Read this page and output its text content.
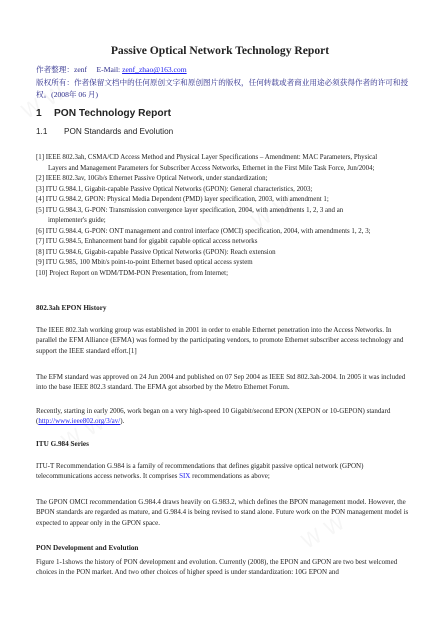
Passive Optical Network Technology Report
作者整理：zenf E-Mail: zenf_zhao@163.com
版权所有：作者保留文档中的任何原创文字和原创图片的版权，任何转载或者商业用途必须获得作者的许可和授
权。(2008年 06 月)
1 PON Technology Report
1.1 PON Standards and Evolution
[1] IEEE 802.3ah, CSMA/CD Access Method and Physical Layer Specifications – Amendment: MAC Parameters, Physical
Layers and Management Parameters for Subscriber Access Networks, Ethernet in the First Mile Task Force, Jun/2004;
[2] IEEE 802.3av, 10Gb/s Ethernet Passive Optical Network, under standardization;
[3] ITU G.984.1, Gigabit-capable Passive Optical Networks (GPON): General characteristics, 2003;
[4] ITU G.984.2, GPON: Physical Media Dependent (PMD) layer specification, 2003, with amendment 1;
[5] ITU G.984.3, G-PON: Transmission convergence layer specification, 2004, with amendments 1, 2, 3 and an
implementer's guide;
[6] ITU G.984.4, G-PON: ONT management and control interface (OMCI) specification, 2004, with amendments 1, 2, 3;
[7] ITU G.984.5, Enhancement band for gigabit capable optical access networks
[8] ITU G.984.6, Gigabit-capable Passive Optical Networks (GPON): Reach extension
[9] ITU G.985, 100 Mbit/s point-to-point Ethernet based optical access system
[10] Project Report on WDM/TDM-PON Presentation, from Internet;
802.3ah EPON History
The IEEE 802.3ah working group was established in 2001 in order to enable Ethernet penetration into the Access Networks. In parallel the EFM Alliance (EFMA) was formed by the participating vendors, to promote Ethernet subscriber access technology and support the IEEE standard effort.[1]
The EFM standard was approved on 24 Jun 2004 and published on 07 Sep 2004 as IEEE Std 802.3ah-2004. In 2005 it was included into the base IEEE 802.3 standard. The EFMA got absorbed by the Metro Ethernet Forum.
Recently, starting in early 2006, work began on a very high-speed 10 Gigabit/second EPON (XEPON or 10-GEPON) standard (http://www.ieee802.org/3/av/).
ITU G.984 Series
ITU-T Recommendation G.984 is a family of recommendations that defines gigabit passive optical network (GPON) telecommunications access networks. It comprises SIX recommendations as above;
The GPON OMCI recommendation G.984.4 draws heavily on G.983.2, which defines the BPON management model. However, the BPON standards are regarded as mature, and G.984.4 is being revised to stand alone. Future work on the PON management model is expected to appear only in the GPON space.
PON Development and Evolution
Figure 1-1shows the history of PON development and evolution. Currently (2008), the EPON and GPON are two best welcomed choices in the PON market. And two other choices of higher speed is under standardization: 10G EPON and
